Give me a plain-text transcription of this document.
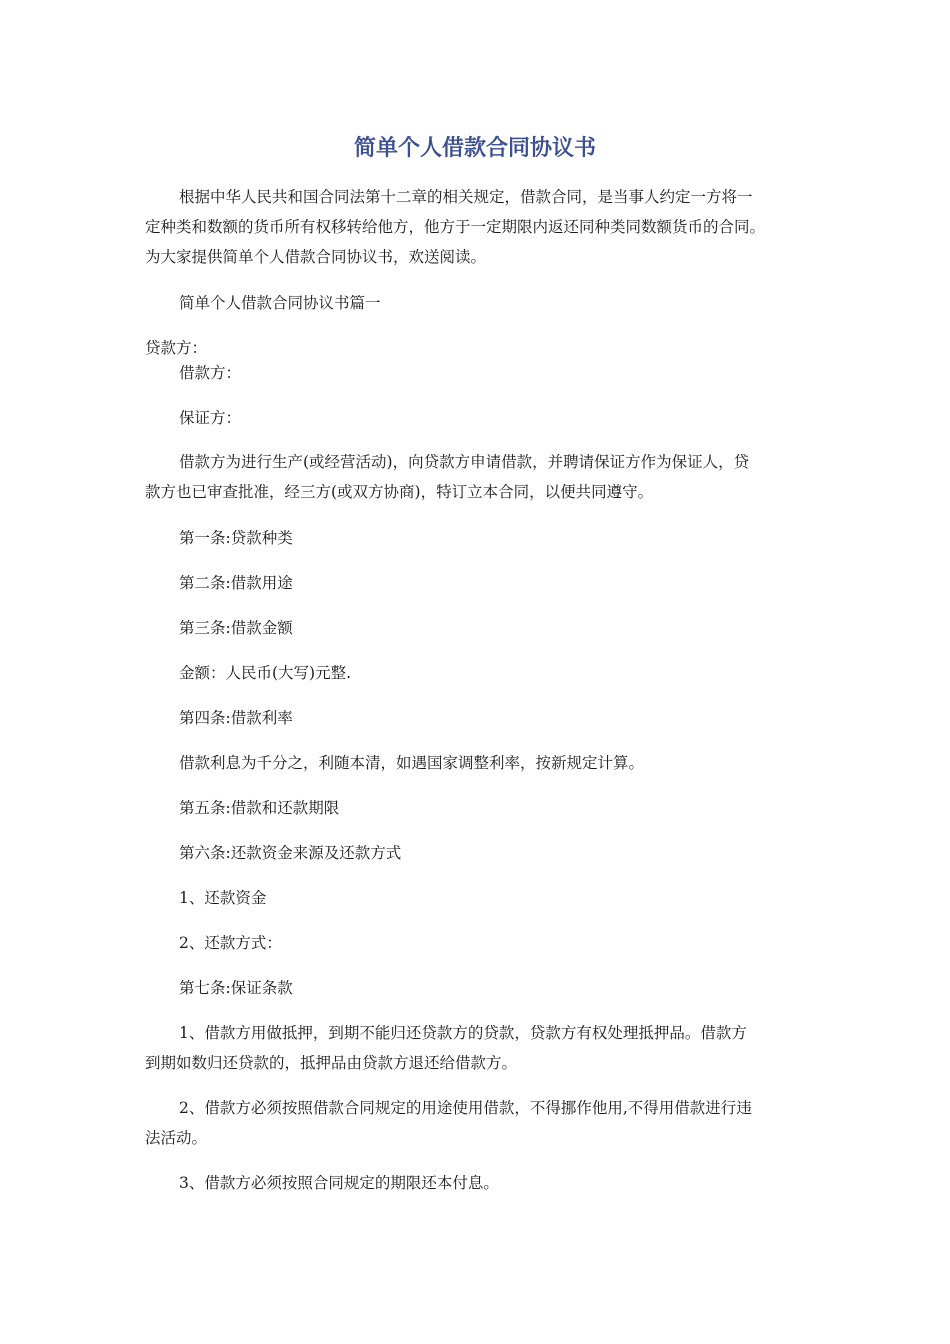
简单个人借款合同协议书
根据中华人民共和国合同法第十二章的相关规定，借款合同，是当事人约定一方将一
定种类和数额的货币所有权移转给他方，他方于一定期限内返还同种类同数额货币的合同。
为大家提供简单个人借款合同协议书，欢送阅读。
简单个人借款合同协议书篇一
贷款方：
借款方：
保证方：
借款方为进行生产(或经营活动)，向贷款方申请借款，并聘请保证方作为保证人，贷
款方也已审查批准，经三方(或双方协商)，特订立本合同，以便共同遵守。
第一条:贷款种类
第二条:借款用途
第三条:借款金额
金额：人民币(大写)元整.
第四条:借款利率
借款利息为千分之，利随本清，如遇国家调整利率，按新规定计算。
第五条:借款和还款期限
第六条:还款资金来源及还款方式
1、还款资金
2、还款方式：
第七条:保证条款
1、借款方用做抵押，到期不能归还贷款方的贷款，贷款方有权处理抵押品。借款方
到期如数归还贷款的，抵押品由贷款方退还给借款方。
2、借款方必须按照借款合同规定的用途使用借款，不得挪作他用,不得用借款进行违
法活动。
3、借款方必须按照合同规定的期限还本付息。
